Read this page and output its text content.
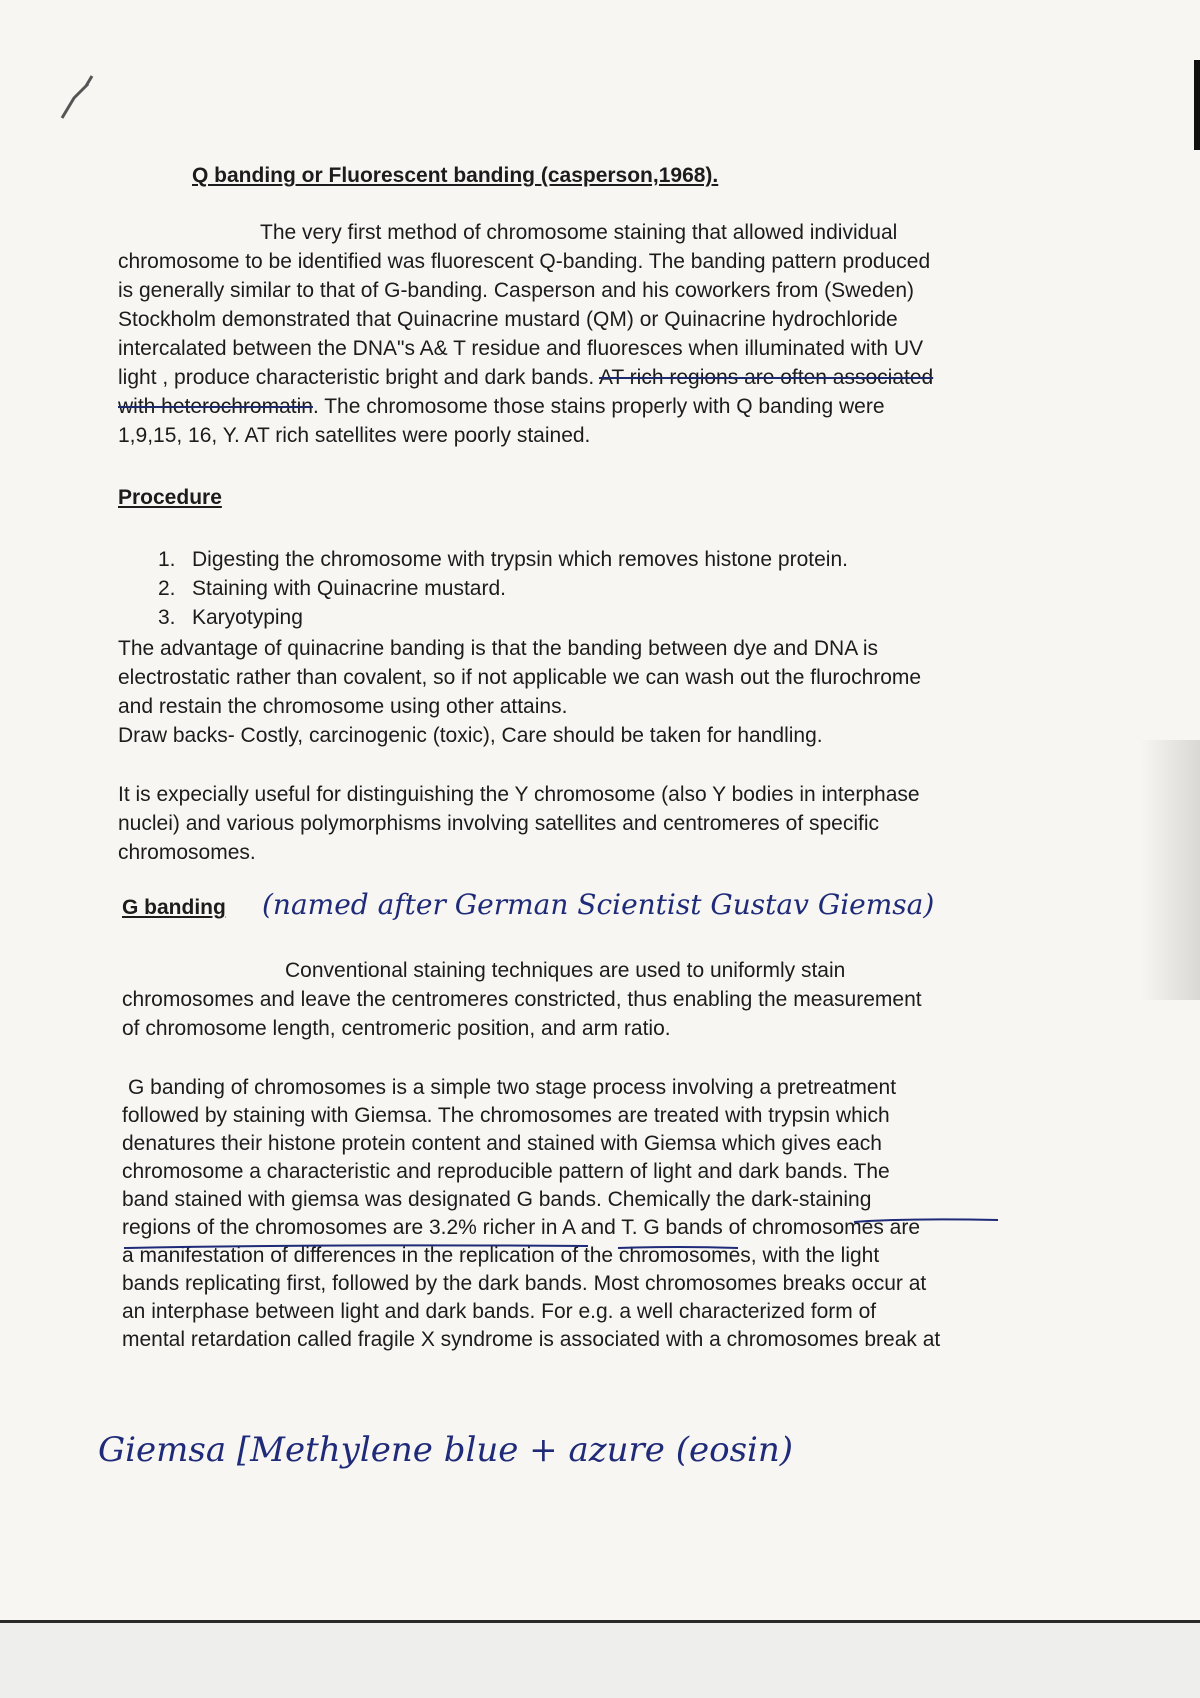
Q banding or Fluorescent banding (casperson,1968).
The very first method of chromosome staining that allowed individual
chromosome to be identified was fluorescent Q-banding. The banding pattern produced
is generally similar to that of G-banding. Casperson and his coworkers from (Sweden)
Stockholm demonstrated that Quinacrine mustard (QM) or Quinacrine hydrochloride
intercalated between the DNA"s A& T residue and fluoresces when illuminated with UV
light , produce characteristic bright and dark bands. AT rich regions are often associated
with heterochromatin. The chromosome those stains properly with Q banding were
1,9,15, 16, Y. AT rich satellites were poorly stained.
Procedure
1. Digesting the chromosome with trypsin which removes histone protein.
2. Staining with Quinacrine mustard.
3. Karyotyping
The advantage of quinacrine banding is that the banding between dye and DNA is
electrostatic rather than covalent, so if not applicable we can wash out the flurochrome
and restain the chromosome using other attains.
Draw backs- Costly, carcinogenic (toxic), Care should be taken for handling.
It is expecially useful for distinguishing the Y chromosome (also Y bodies in interphase
nuclei) and various polymorphisms involving satellites and centromeres of specific
chromosomes.
G banding (named after German Scientist Gustav Giemsa)
Conventional staining techniques are used to uniformly stain
chromosomes and leave the centromeres constricted, thus enabling the measurement
of chromosome length, centromeric position, and arm ratio.
G banding of chromosomes is a simple two stage process involving a pretreatment
followed by staining with Giemsa. The chromosomes are treated with trypsin which
denatures their histone protein content and stained with Giemsa which gives each
chromosome a characteristic and reproducible pattern of light and dark bands. The
band stained with giemsa was designated G bands. Chemically the dark-staining
regions of the chromosomes are 3.2% richer in A and T. G bands of chromosomes are
a manifestation of differences in the replication of the chromosomes, with the light
bands replicating first, followed by the dark bands. Most chromosomes breaks occur at
an interphase between light and dark bands. For e.g. a well characterized form of
mental retardation called fragile X syndrome is associated with a chromosomes break at
Giemsa [Methylene blue + azure (eosin)
